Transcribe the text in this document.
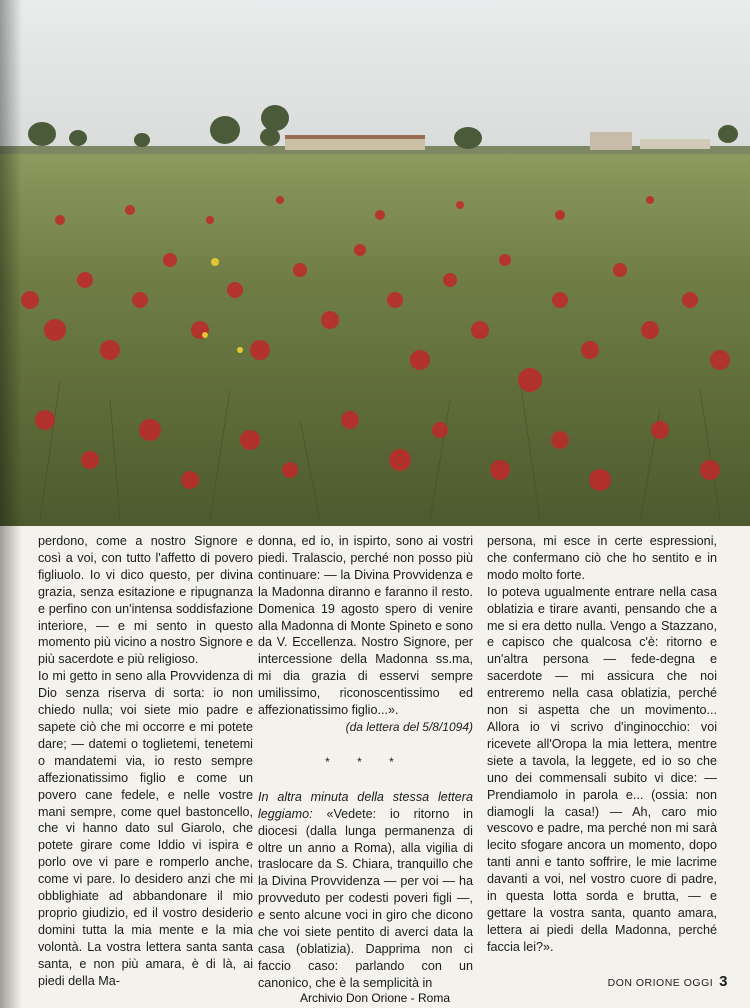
perdono, come a nostro Signore e così a voi, con tutto l'affetto di povero figliuolo. Io vi dico questo, per divina grazia, senza esitazione e ripugnanza e perfino con un'intensa soddisfazione interiore, — e mi sento in questo momento più vicino a nostro Signore e più sacerdote e più religioso.

Io mi getto in seno alla Provvidenza di Dio senza riserva di sorta: io non chiedo nulla; voi siete mio padre e sapete ciò che mi occorre e mi potete dare; — datemi o toglietemi, tenetemi o mandatemi via, io resto sempre affezionatissimo figlio e come un povero cane fedele, e nelle vostre mani sempre, come quel bastoncello, che vi hanno dato sul Giarolo, che potete girare come Iddio vi ispira e porlo ove vi pare e romperlo anche, come vi pare. Io desidero anzi che mi obblighiate ad abbandonare il mio proprio giudizio, ed il vostro desiderio domini tutta la mia mente e la mia volontà. La vostra lettera santa santa santa, e non più amara, è di là, ai piedi della Ma-

donna, ed io, in ispirto, sono ai vostri piedi. Tralascio, perché non posso più continuare: — la Divina Provvidenza e la Madonna diranno e faranno il resto. Domenica 19 agosto spero di venire alla Madonna di Monte Spineto e sono da V. Eccellenza. Nostro Signore, per intercessione della Madonna ss.ma, mi dia grazia di esservi sempre umilissimo, riconoscentissimo ed affezionatissimo figlio...».

(da lettera del 5/8/1094)

* * *

In altra minuta della stessa lettera leggiamo: «Vedete: io ritorno in diocesi (dalla lunga permanenza di oltre un anno a Roma), alla vigilia di traslocare da S. Chiara, tranquillo che la Divina Provvidenza — per voi — ha provveduto per codesti poveri figli —, e sento alcune voci in giro che dicono che voi siete pentito di averci data la casa (oblatizia). Dapprima non ci faccio caso: parlando con un canonico, che è la semplicità in

persona, mi esce in certe espressioni, che confermano ciò che ho sentito e in modo molto forte.

Io poteva ugualmente entrare nella casa oblatizia e tirare avanti, pensando che a me si era detto nulla. Vengo a Stazzano, e capisco che qualcosa c'è: ritorno e un'altra persona — fede-degna e sacerdote — mi assicura che noi entreremo nella casa oblatizia, perché non si aspetta che un movimento... Allora io vi scrivo d'inginocchio: voi ricevete all'Oropa la mia lettera, mentre siete a tavola, la leggete, ed io so che uno dei commensali subito vi dice: — Prendiamolo in parola e... (ossia: non diamogli la casa!) — Ah, caro mio vescovo e padre, ma perché non mi sarà lecito sfogare ancora un momento, dopo tanti anni e tanto soffrire, le mie lacrime davanti a voi, nel vostro cuore di padre, in questa lotta sorda e brutta, — e gettare la vostra santa, quanto amara, lettera ai piedi della Madonna, perché faccia lei?».

DON ORIONE OGGI 3
Archivio Don Orione - Roma
